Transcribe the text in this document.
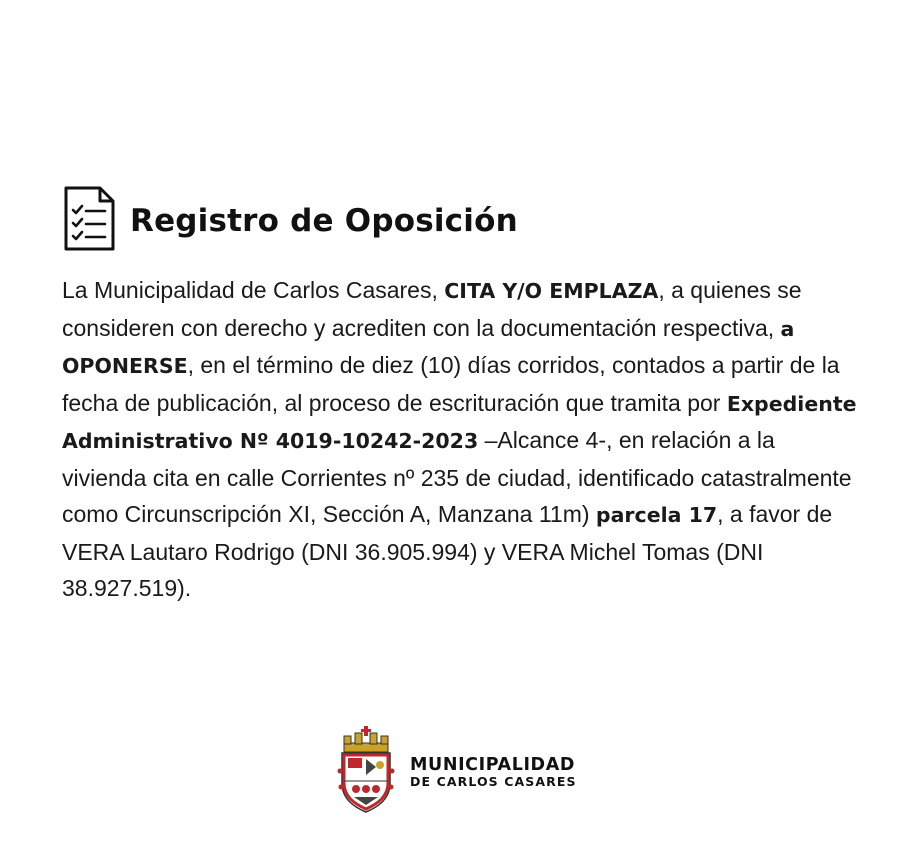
Registro de Oposición
La Municipalidad de Carlos Casares, CITA Y/O EMPLAZA, a quienes se consideren con derecho y acrediten con la documentación respectiva, a OPONERSE, en el término de diez (10) días corridos, contados a partir de la fecha de publicación, al proceso de escrituración que tramita por Expediente Administrativo Nº 4019-10242-2023 –Alcance 4-, en relación a la vivienda cita en calle Corrientes nº 235 de ciudad, identificado catastralmente como Circunscripción XI, Sección A, Manzana 11m) parcela 17, a favor de VERA Lautaro Rodrigo (DNI 36.905.994) y VERA Michel Tomas (DNI 38.927.519).
MUNICIPALIDAD
DE CARLOS CASARES
